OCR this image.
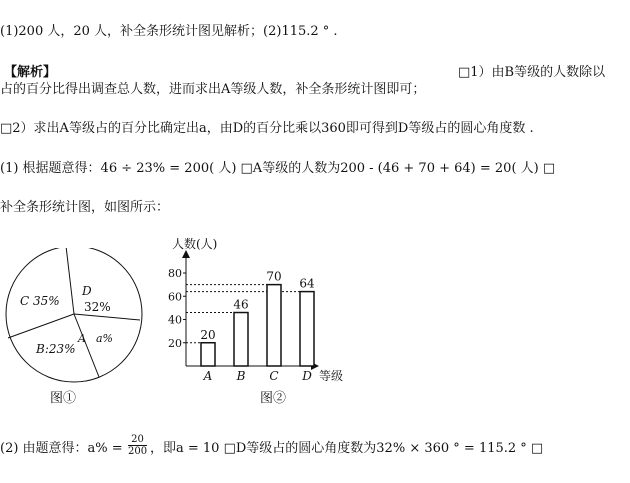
(1)200 人，20 人，补全条形统计图见解析；(2)115.2 ° .
【解析】	□1）由B等级的人数除以
占的百分比得出调查总人数，进而求出A等级人数，补全条形统计图即可；
□2）求出A等级占的百分比确定出a，由D的百分比乘以360即可得到D等级占的圆心角度数 .
(1) 根据题意得：46 ÷ 23% = 200( 人) □A等级的人数为200 - (46 + 70 + 64) = 20( 人) □
补全条形统计图，如图所示：
C 35%
D
32%
B:23%
A a%
图①
人数(人)
等级
20
40
60
80
20
A
46
B
70
C
64
D
图②
(2) 由题意得：$a\% = \frac{20}{200}$ ，即a = 10 □D等级占的圆心角度数为32% × 360 ° = 115.2 ° □
